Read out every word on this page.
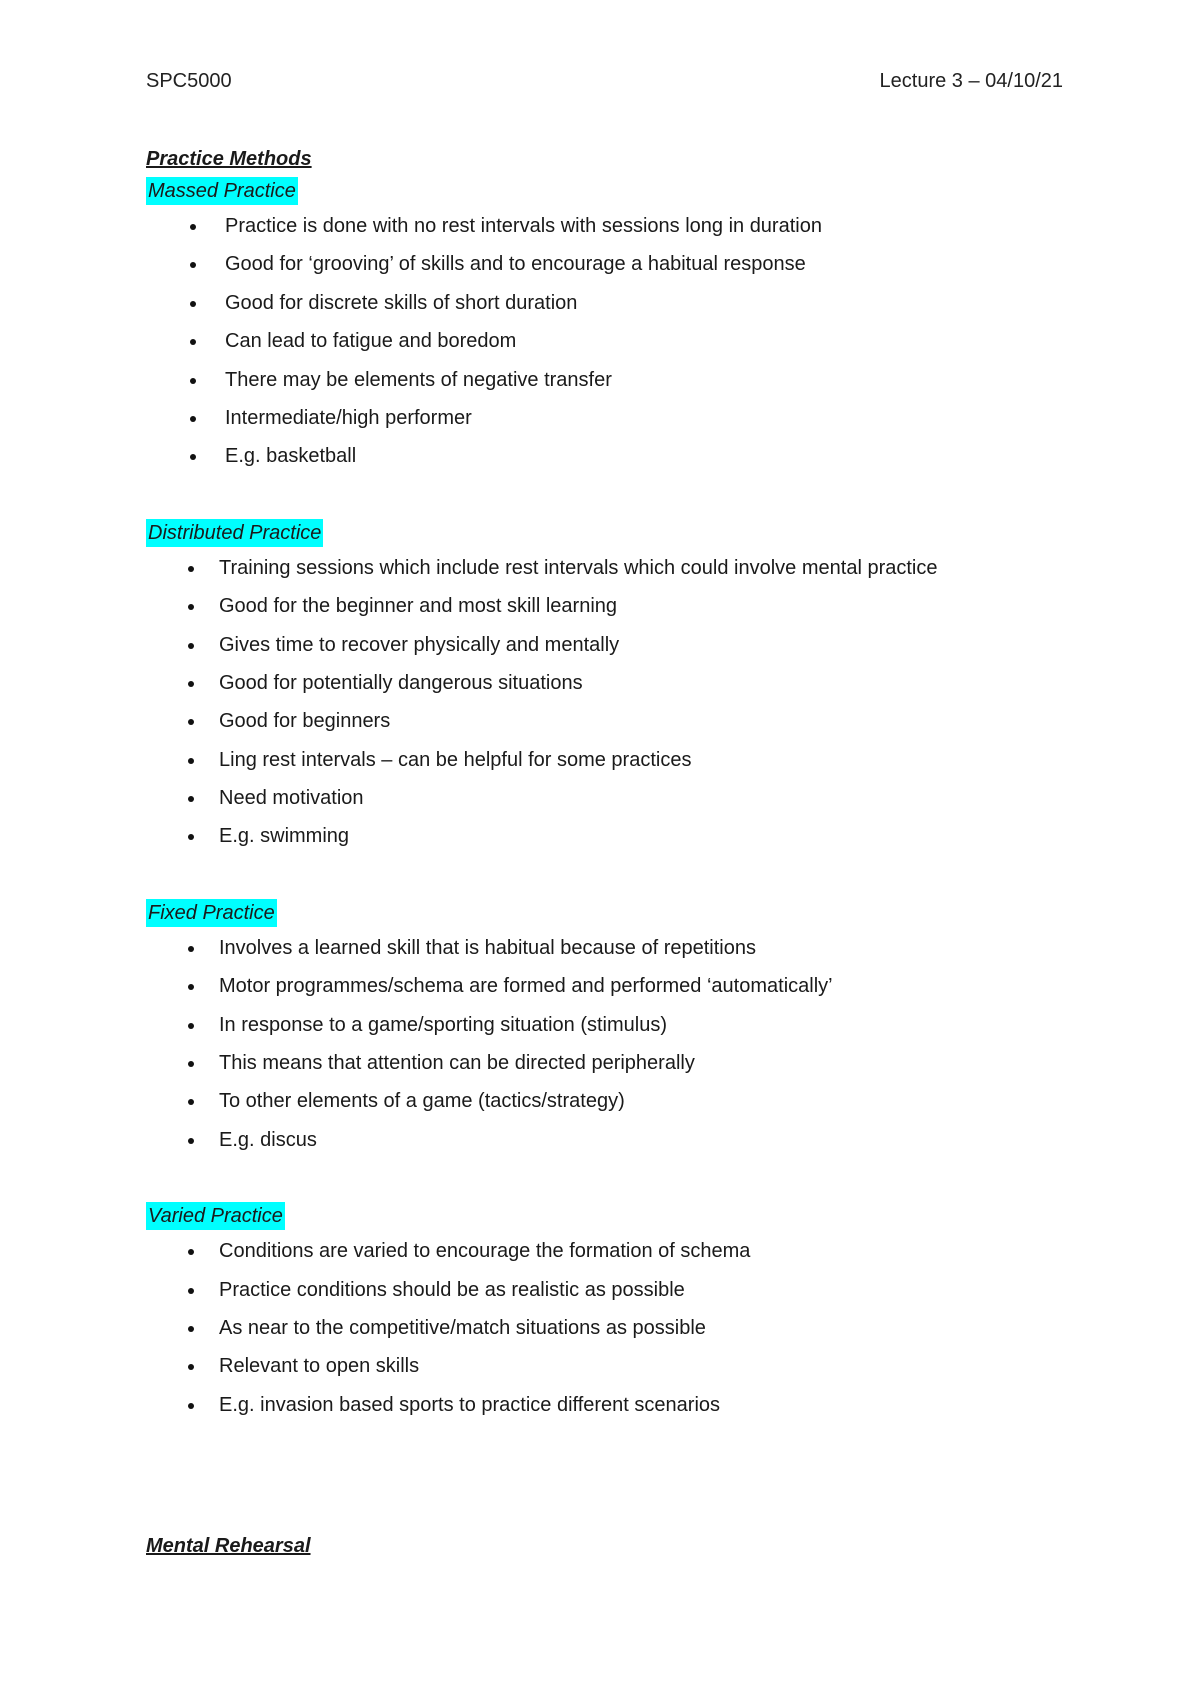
SPC5000	Lecture 3 – 04/10/21
Practice Methods
Massed Practice
Practice is done with no rest intervals with sessions long in duration
Good for ‘grooving’ of skills and to encourage a habitual response
Good for discrete skills of short duration
Can lead to fatigue and boredom
There may be elements of negative transfer
Intermediate/high performer
E.g. basketball
Distributed Practice
Training sessions which include rest intervals which could involve mental practice
Good for the beginner and most skill learning
Gives time to recover physically and mentally
Good for potentially dangerous situations
Good for beginners
Ling rest intervals – can be helpful for some practices
Need motivation
E.g. swimming
Fixed Practice
Involves a learned skill that is habitual because of repetitions
Motor programmes/schema are formed and performed ‘automatically’
In response to a game/sporting situation (stimulus)
This means that attention can be directed peripherally
To other elements of a game (tactics/strategy)
E.g. discus
Varied Practice
Conditions are varied to encourage the formation of schema
Practice conditions should be as realistic as possible
As near to the competitive/match situations as possible
Relevant to open skills
E.g. invasion based sports to practice different scenarios
Mental Rehearsal
